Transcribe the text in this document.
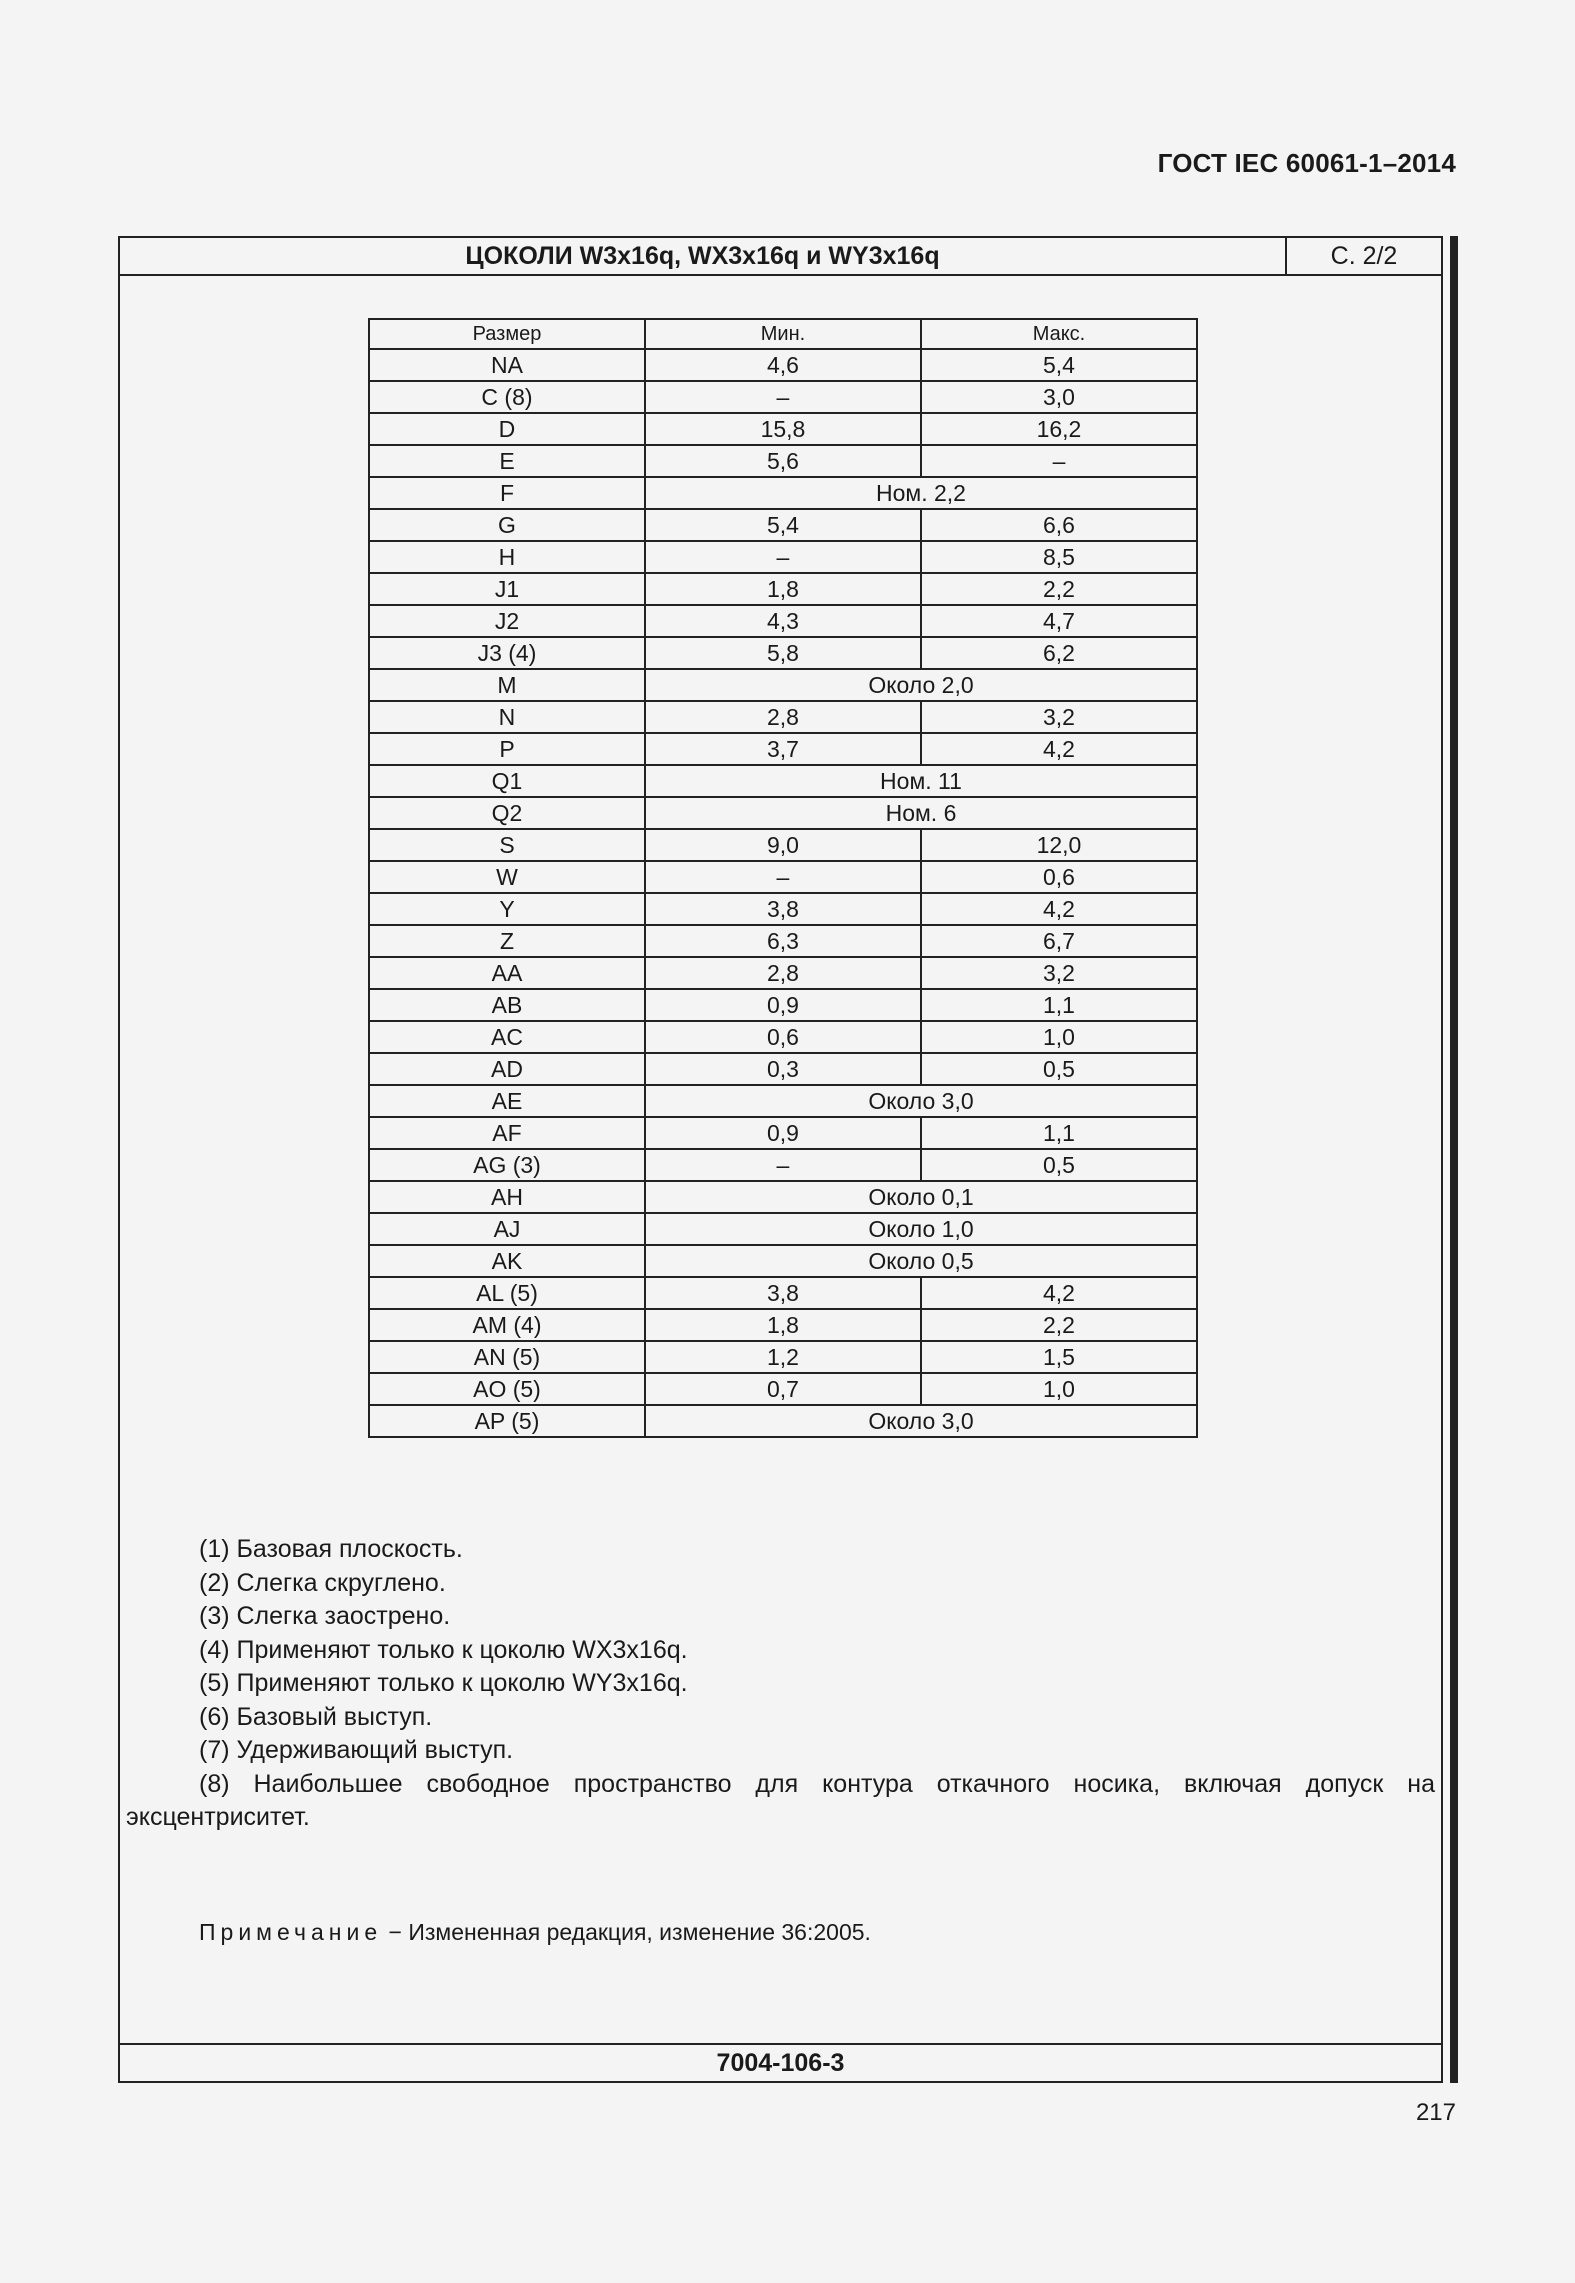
ГОСТ IEC 60061-1–2014
ЦОКОЛИ W3x16q, WX3x16q и WY3x16q	С. 2/2
Размер	Мин.	Макс.
NA	4,6	5,4
C (8)	–	3,0
D	15,8	16,2
E	5,6	–
F	Ном. 2,2	
G	5,4	6,6
H	–	8,5
J1	1,8	2,2
J2	4,3	4,7
J3 (4)	5,8	6,2
M	Около 2,0	
N	2,8	3,2
P	3,7	4,2
Q1	Ном. 11	
Q2	Ном. 6	
S	9,0	12,0
W	–	0,6
Y	3,8	4,2
Z	6,3	6,7
AA	2,8	3,2
AB	0,9	1,1
AC	0,6	1,0
AD	0,3	0,5
AE	Около 3,0	
AF	0,9	1,1
AG (3)	–	0,5
AH	Около 0,1	
AJ	Около 1,0	
AK	Около 0,5	
AL (5)	3,8	4,2
AM (4)	1,8	2,2
AN (5)	1,2	1,5
AO (5)	0,7	1,0
AP (5)	Около 3,0	

(1) Базовая плоскость.

(2) Слегка скруглено.

(3) Слегка заострено.

(4) Применяют только к цоколю WX3x16q.

(5) Применяют только к цоколю WY3x16q.

(6) Базовый выступ.

(7) Удерживающий выступ.

(8) Наибольшее свободное пространство для контура откачного носика, включая допуск на эксцентриситет.

Примечание − Измененная редакция, изменение 36:2005.
7004-106-3
217
